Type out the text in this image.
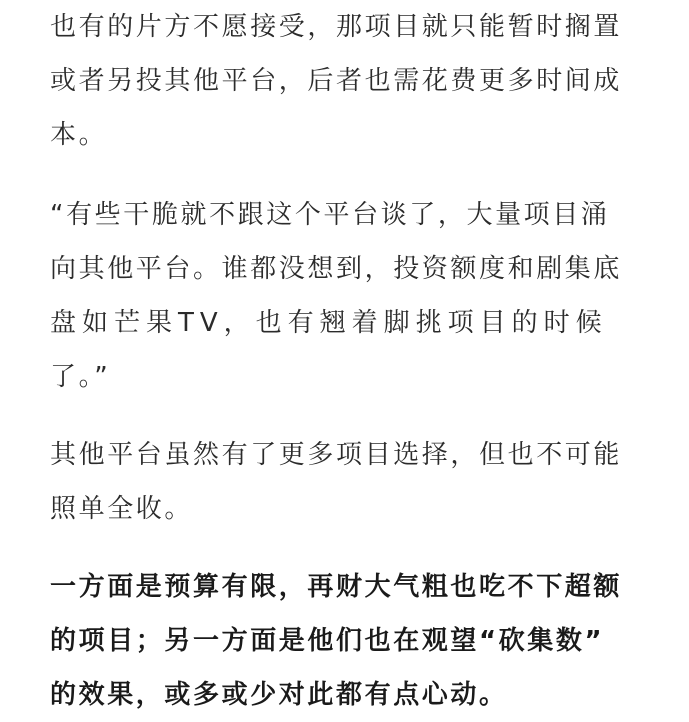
也有的片方不愿接受，那项目就只能暂时搁置
或者另投其他平台，后者也需花费更多时间成
本。

“有些干脆就不跟这个平台谈了，大量项目涌
向其他平台。谁都没想到，投资额度和剧集底
盘如芒果TV，也有翘着脚挑项目的时候
了。”

其他平台虽然有了更多项目选择，但也不可能
照单全收。

一方面是预算有限，再财大气粗也吃不下超额
的项目；另一方面是他们也在观望“砍集数”
的效果，或多或少对此都有点心动。
